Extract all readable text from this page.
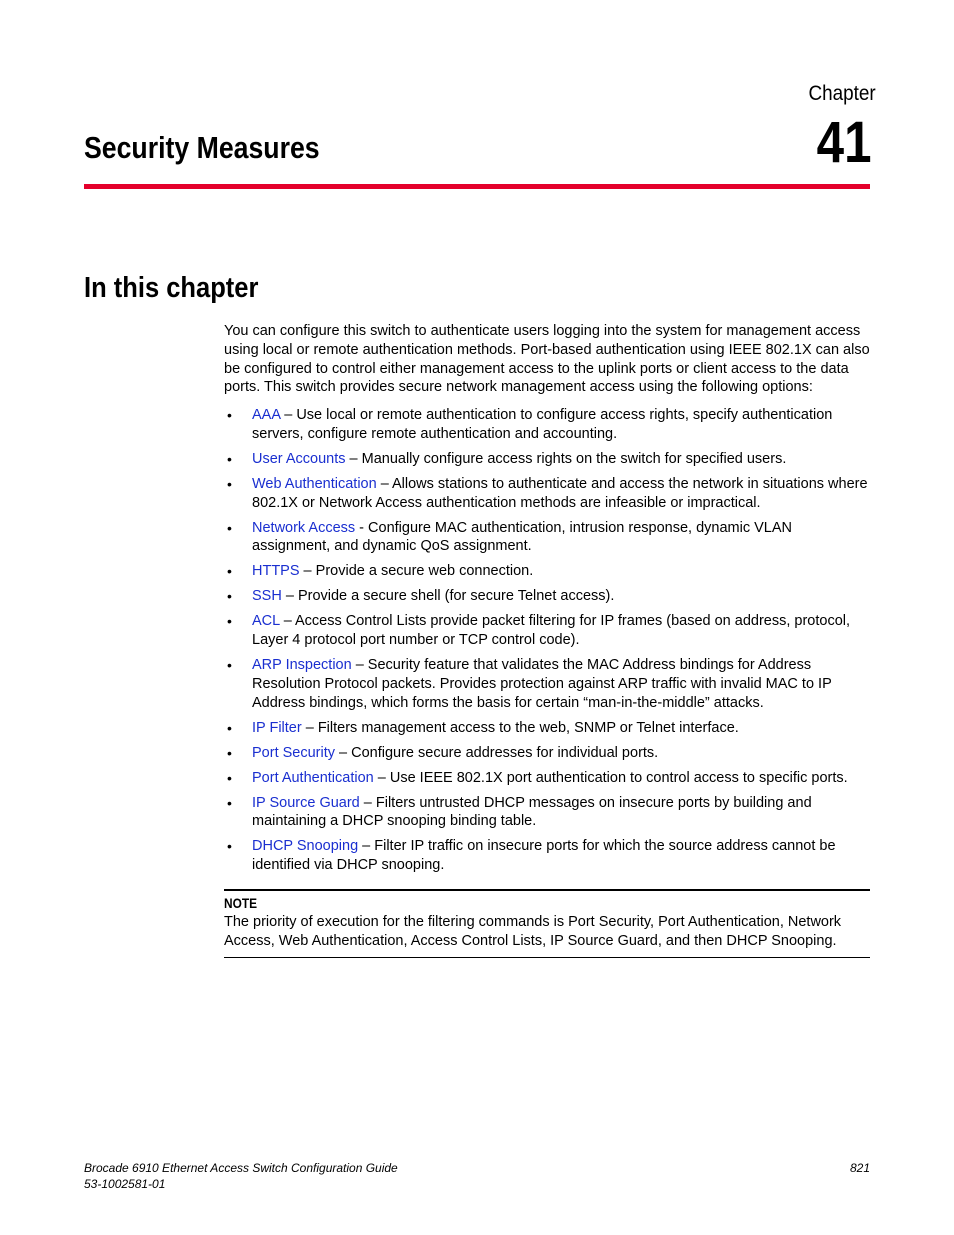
Chapter
41
Security Measures
In this chapter

You can configure this switch to authenticate users logging into the system for management access using local or remote authentication methods. Port-based authentication using IEEE 802.1X can also be configured to control either management access to the uplink ports or client access to the data ports. This switch provides secure network management access using the following options:

• AAA – Use local or remote authentication to configure access rights, specify authentication servers, configure remote authentication and accounting.
• User Accounts – Manually configure access rights on the switch for specified users.
• Web Authentication – Allows stations to authenticate and access the network in situations where 802.1X or Network Access authentication methods are infeasible or impractical.
• Network Access - Configure MAC authentication, intrusion response, dynamic VLAN assignment, and dynamic QoS assignment.
• HTTPS – Provide a secure web connection.
• SSH – Provide a secure shell (for secure Telnet access).
• ACL – Access Control Lists provide packet filtering for IP frames (based on address, protocol, Layer 4 protocol port number or TCP control code).
• ARP Inspection – Security feature that validates the MAC Address bindings for Address Resolution Protocol packets. Provides protection against ARP traffic with invalid MAC to IP Address bindings, which forms the basis for certain “man-in-the-middle” attacks.
• IP Filter – Filters management access to the web, SNMP or Telnet interface.
• Port Security – Configure secure addresses for individual ports.
• Port Authentication – Use IEEE 802.1X port authentication to control access to specific ports.
• IP Source Guard – Filters untrusted DHCP messages on insecure ports by building and maintaining a DHCP snooping binding table.
• DHCP Snooping – Filter IP traffic on insecure ports for which the source address cannot be identified via DHCP snooping.
NOTE

The priority of execution for the filtering commands is Port Security, Port Authentication, Network Access, Web Authentication, Access Control Lists, IP Source Guard, and then DHCP Snooping.

Brocade 6910 Ethernet Access Switch Configuration Guide
53-1002581-01
821
